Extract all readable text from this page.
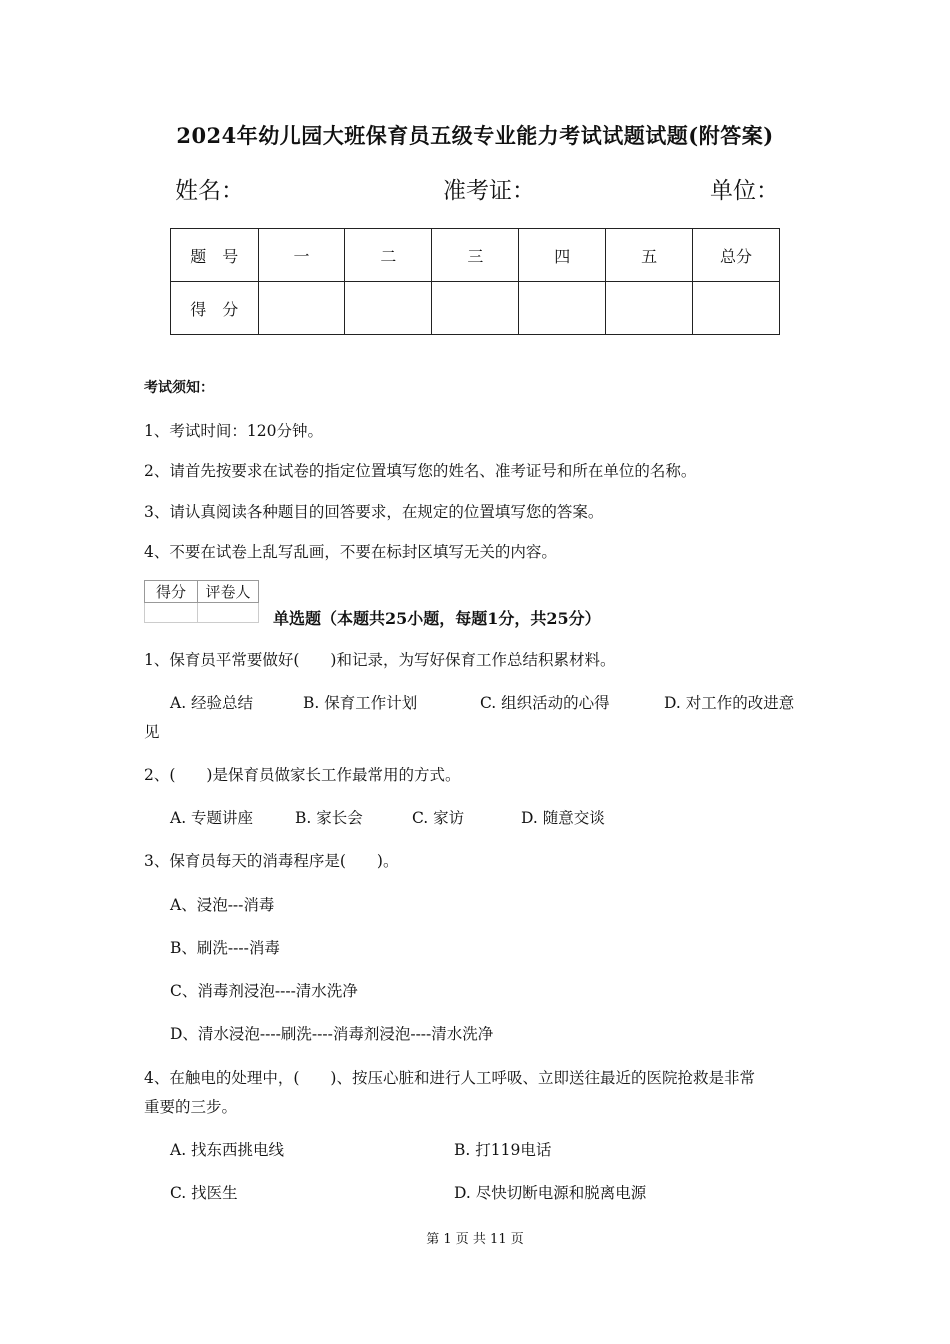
2024年幼儿园大班保育员五级专业能力考试试题试题(附答案)
姓名：	准考证：	单位：
题　号	一	二	三	四	五	总分
得　分						
考试须知：
1、考试时间：120分钟。
2、请首先按要求在试卷的指定位置填写您的姓名、准考证号和所在单位的名称。
3、请认真阅读各种题目的回答要求，在规定的位置填写您的答案。
4、不要在试卷上乱写乱画，不要在标封区填写无关的内容。
得分	评卷人

单选题（本题共25小题，每题1分，共25分）
1、保育员平常要做好(　　)和记录，为写好保育工作总结积累材料。
A. 经验总结	B. 保育工作计划	C. 组织活动的心得	D. 对工作的改进意
见
2、(　　)是保育员做家长工作最常用的方式。
A. 专题讲座	B. 家长会	C. 家访	D. 随意交谈
3、保育员每天的消毒程序是(　　)。
A、浸泡---消毒
B、刷洗----消毒
C、消毒剂浸泡----清水洗净
D、清水浸泡----刷洗----消毒剂浸泡----清水洗净
4、在触电的处理中，(　　)、按压心脏和进行人工呼吸、立即送往最近的医院抢救是非常
重要的三步。
A. 找东西挑电线	B. 打119电话
C. 找医生	D. 尽快切断电源和脱离电源
第 1 页 共 11 页
